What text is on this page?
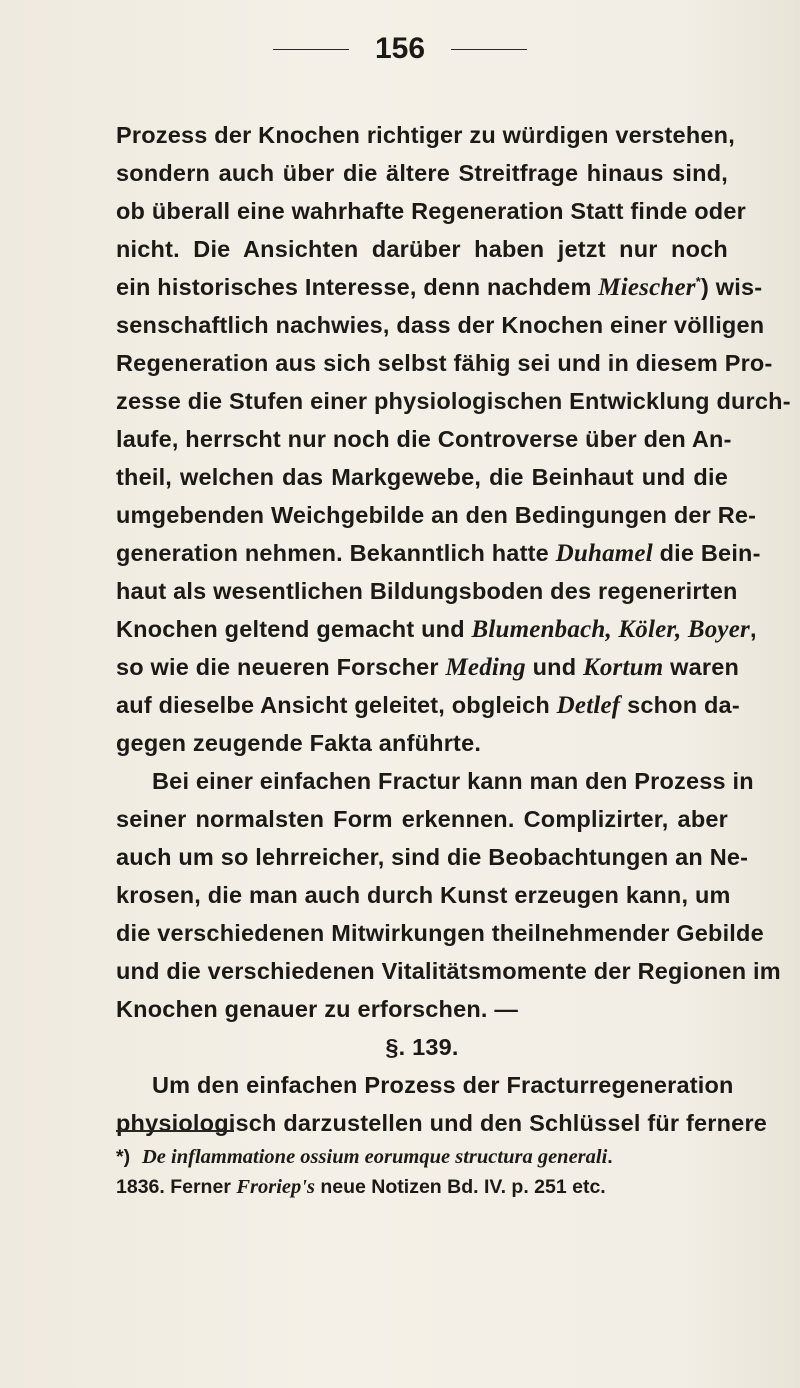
156
Prozess der Knochen richtiger zu würdigen verstehen,
sondern auch über die ältere Streitfrage hinaus sind,
ob überall eine wahrhafte Regeneration Statt finde oder
nicht. Die Ansichten darüber haben jetzt nur noch
ein historisches Interesse, denn nachdem Miescher*) wis-
senschaftlich nachwies, dass der Knochen einer völligen
Regeneration aus sich selbst fähig sei und in diesem Pro-
zesse die Stufen einer physiologischen Entwicklung durch-
laufe, herrscht nur noch die Controverse über den An-
theil, welchen das Markgewebe, die Beinhaut und die
umgebenden Weichgebilde an den Bedingungen der Re-
generation nehmen. Bekanntlich hatte Duhamel die Bein-
haut als wesentlichen Bildungsboden des regenerirten
Knochen geltend gemacht und Blumenbach, Köler, Boyer,
so wie die neueren Forscher Meding und Kortum waren
auf dieselbe Ansicht geleitet, obgleich Detlef schon da-
gegen zeugende Fakta anführte.
Bei einer einfachen Fractur kann man den Prozess in
seiner normalsten Form erkennen. Complizirter, aber
auch um so lehrreicher, sind die Beobachtungen an Ne-
krosen, die man auch durch Kunst erzeugen kann, um
die verschiedenen Mitwirkungen theilnehmender Gebilde
und die verschiedenen Vitalitätsmomente der Regionen im
Knochen genauer zu erforschen. —
§. 139.
Um den einfachen Prozess der Fracturregeneration
physiologisch darzustellen und den Schlüssel für fernere
*)De inflammatione ossium eorumque structura generali.
1836. Ferner Froriep's neue Notizen Bd. IV. p. 251 etc.
